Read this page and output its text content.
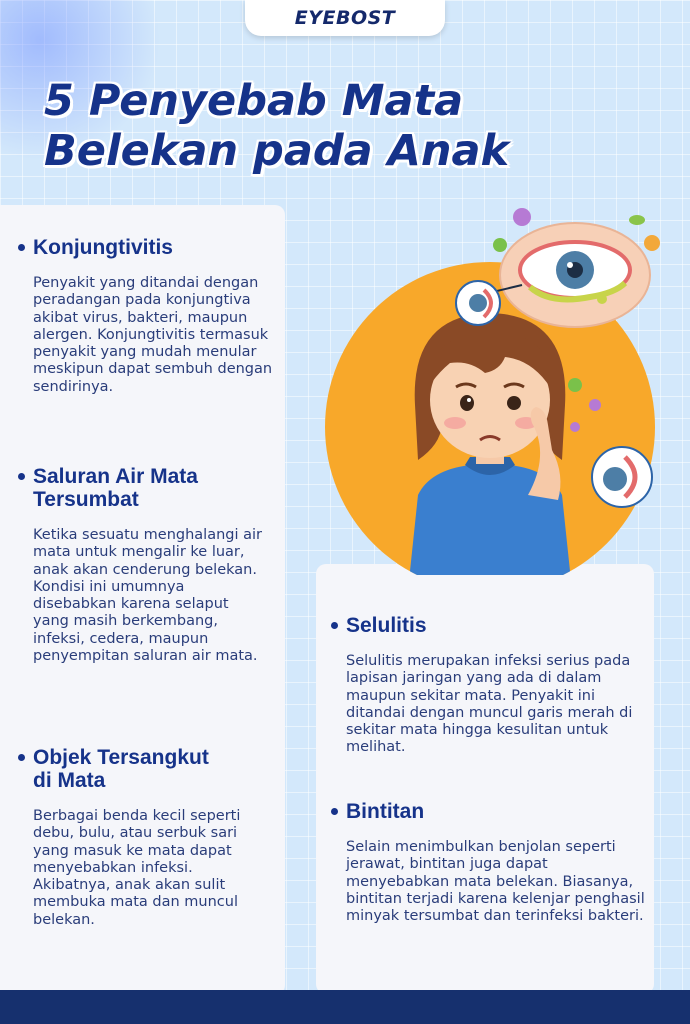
EYEBOST
5 Penyebab Mata
Belekan pada Anak
Konjungtivitis
Penyakit yang ditandai dengan peradangan pada konjungtiva akibat virus, bakteri, maupun alergen. Konjungtivitis termasuk penyakit yang mudah menular meskipun dapat sembuh dengan sendirinya.
Saluran Air Mata Tersumbat
Ketika sesuatu menghalangi air mata untuk mengalir ke luar, anak akan cenderung belekan. Kondisi ini umumnya disebabkan karena selaput yang masih berkembang, infeksi, cedera, maupun penyempitan saluran air mata.
Objek Tersangkut di Mata
Berbagai benda kecil seperti debu, bulu, atau serbuk sari yang masuk ke mata dapat menyebabkan infeksi. Akibatnya, anak akan sulit membuka mata dan muncul belekan.
Selulitis
Selulitis merupakan infeksi serius pada lapisan jaringan yang ada di dalam maupun sekitar mata. Penyakit ini ditandai dengan muncul garis merah di sekitar mata hingga kesulitan untuk melihat.
Bintitan
Selain menimbulkan benjolan seperti jerawat, bintitan juga dapat menyebabkan mata belekan. Biasanya, bintitan terjadi karena kelenjar penghasil minyak tersumbat dan terinfeksi bakteri.
